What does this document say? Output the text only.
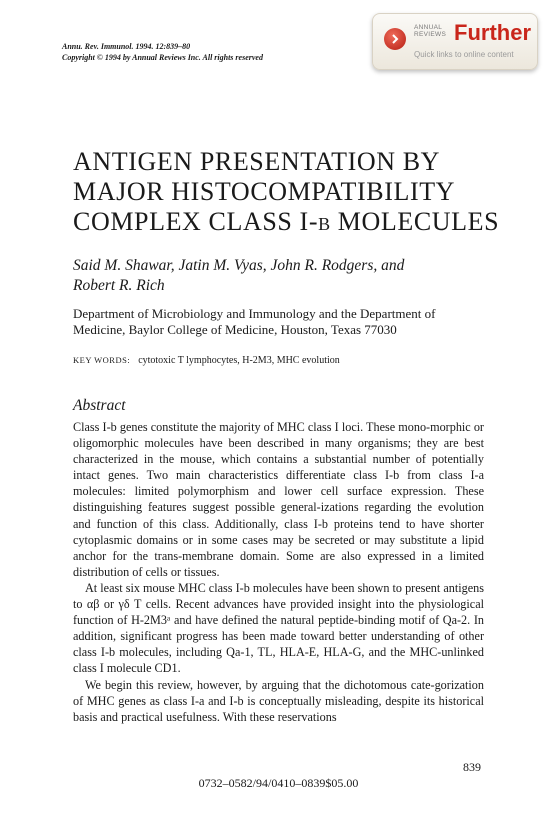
Annu. Rev. Immunol. 1994. 12:839–80
Copyright © 1994 by Annual Reviews Inc. All rights reserved
ANNUAL
REVIEWS Further
Quick links to online content
ANTIGEN PRESENTATION BY
MAJOR HISTOCOMPATIBILITY
COMPLEX CLASS I-B MOLECULES
Said M. Shawar, Jatin M. Vyas, John R. Rodgers, and
Robert R. Rich
Department of Microbiology and Immunology and the Department of
Medicine, Baylor College of Medicine, Houston, Texas 77030
KEY WORDS: cytotoxic T lymphocytes, H-2M3, MHC evolution
Abstract

Class I-b genes constitute the majority of MHC class I loci. These mono-morphic or oligomorphic molecules have been described in many organisms; they are best characterized in the mouse, which contains a substantial number of potentially intact genes. Two main characteristics differentiate class I-b from class I-a molecules: limited polymorphism and lower cell surface expression. These distinguishing features suggest possible general-izations regarding the evolution and function of this class. Additionally, class I-b proteins tend to have shorter cytoplasmic domains or in some cases may be secreted or may substitute a lipid anchor for the trans-membrane domain. Some are also expressed in a limited distribution of cells or tissues.

At least six mouse MHC class I-b molecules have been shown to present antigens to αβ or γδ T cells. Recent advances have provided insight into the physiological function of H-2M3ᵃ and have defined the natural peptide-binding motif of Qa-2. In addition, significant progress has been made toward better understanding of other class I-b molecules, including Qa-1, TL, HLA-E, HLA-G, and the MHC-unlinked class I molecule CD1.

We begin this review, however, by arguing that the dichotomous cate-gorization of MHC genes as class I-a and I-b is conceptually misleading, despite its historical basis and practical usefulness. With these reservations

839
0732–0582/94/0410–0839$05.00
